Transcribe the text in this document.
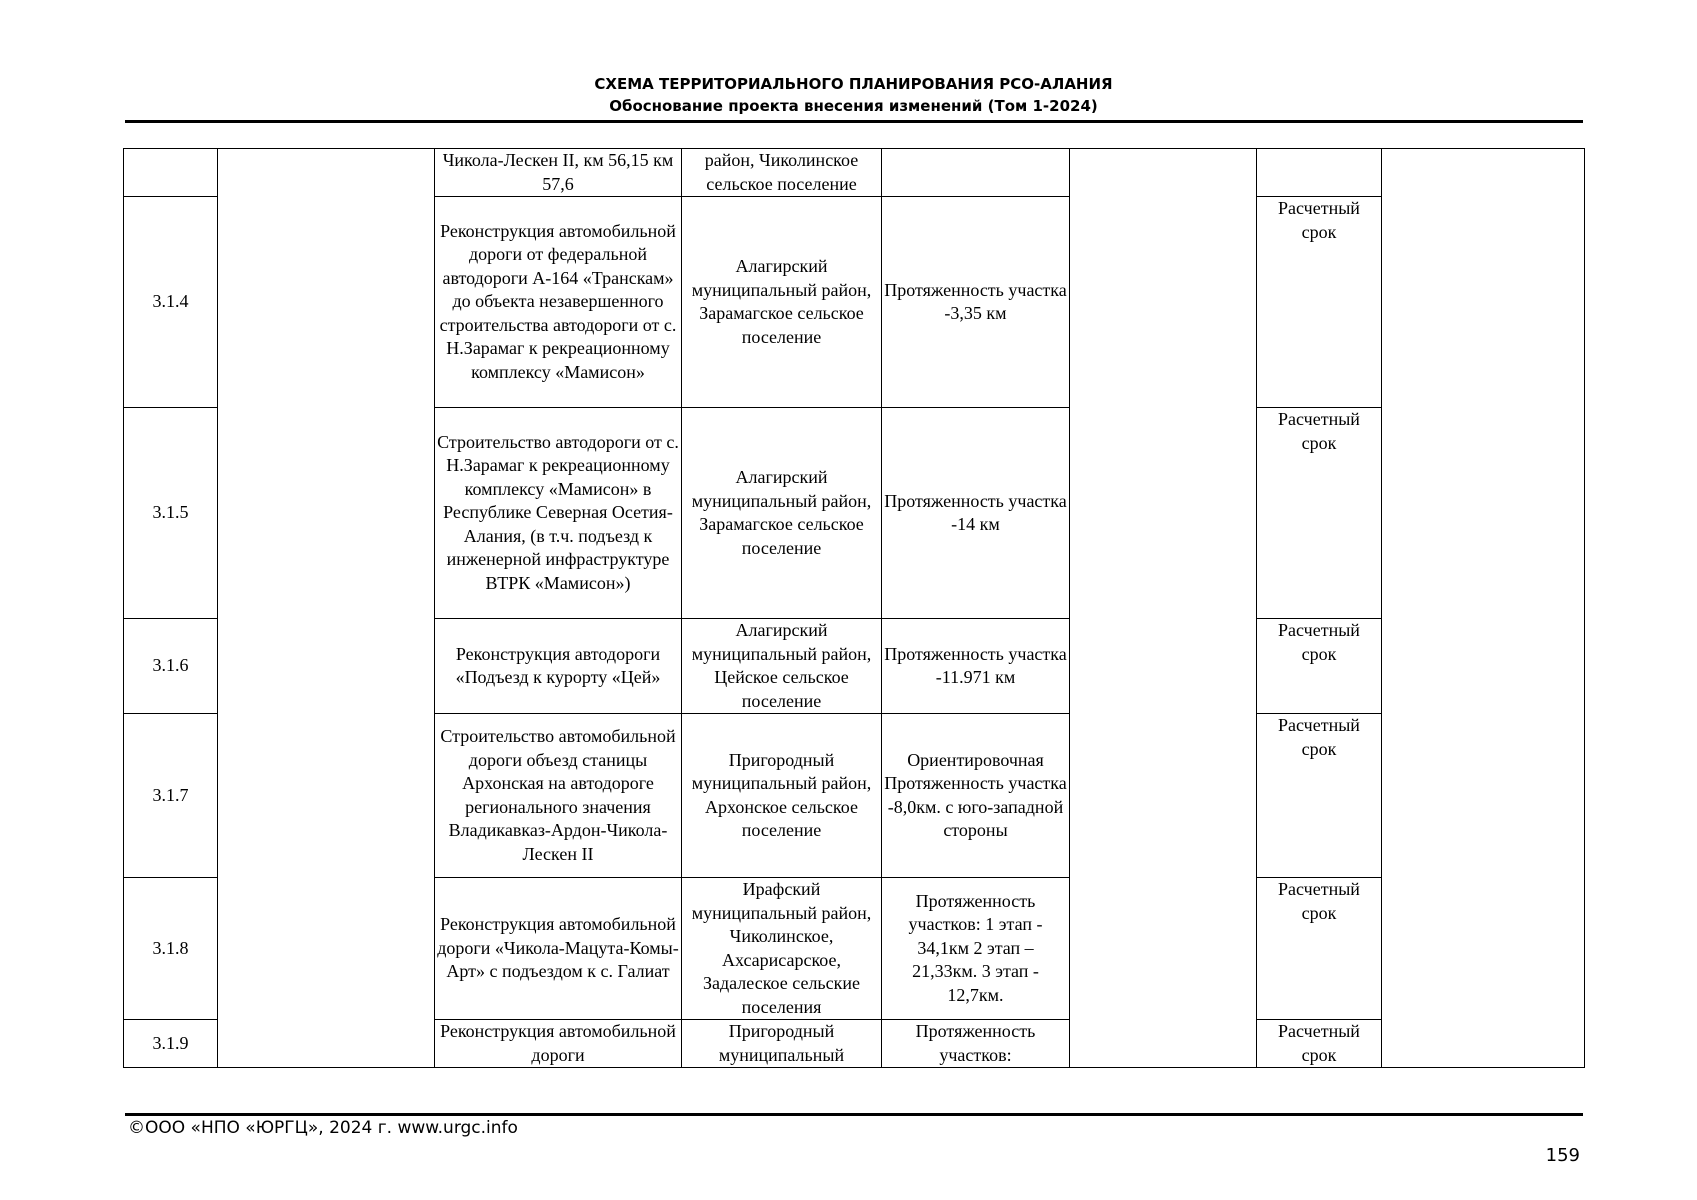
СХЕМА ТЕРРИТОРИАЛЬНОГО ПЛАНИРОВАНИЯ РСО-АЛАНИЯ
Обоснование проекта внесения изменений (Том 1-2024)
		Чикола-Лескен II, км 56,15 км 57,6	район, Чиколинское сельское поселение				
3.1.4		Реконструкция автомобильной дороги от федеральной автодороги А-164 «Транскам» до объекта незавершенного строительства автодороги от с. Н.Зарамаг к рекреационному комплексу «Мамисон»	Алагирский муниципальный район, Зарамагское сельское поселение	Протяженность участка -3,35 км		Расчетный срок	
3.1.5		Строительство автодороги от с. Н.Зарамаг к рекреационному комплексу «Мамисон» в Республике Северная Осетия-Алания, (в т.ч. подъезд к инженерной инфраструктуре ВТРК «Мамисон»)	Алагирский муниципальный район, Зарамагское сельское поселение	Протяженность участка -14 км		Расчетный срок	
3.1.6		Реконструкция автодороги «Подъезд к курорту «Цей»	Алагирский муниципальный район, Цейское сельское поселение	Протяженность участка -11.971 км		Расчетный срок	
3.1.7		Строительство автомобильной дороги объезд станицы Архонская на автодороге регионального значения Владикавказ-Ардон-Чикола-Лескен II	Пригородный муниципальный район, Архонское сельское поселение	Ориентировочная Протяженность участка -8,0км. с юго-западной стороны		Расчетный срок	
3.1.8		Реконструкция автомобильной дороги «Чикола-Мацута-Комы-Арт» с подъездом к с. Галиат	Ирафский муниципальный район, Чиколинское, Ахсарисарское, Задалеское сельские поселения	Протяженность участков: 1 этап - 34,1км 2 этап – 21,33км. 3 этап - 12,7км.		Расчетный срок	
3.1.9		Реконструкция автомобильной дороги	Пригородный муниципальный	Протяженность участков:		Расчетный срок	
©ООО «НПО «ЮРГЦ», 2024 г. www.urgc.info
159
